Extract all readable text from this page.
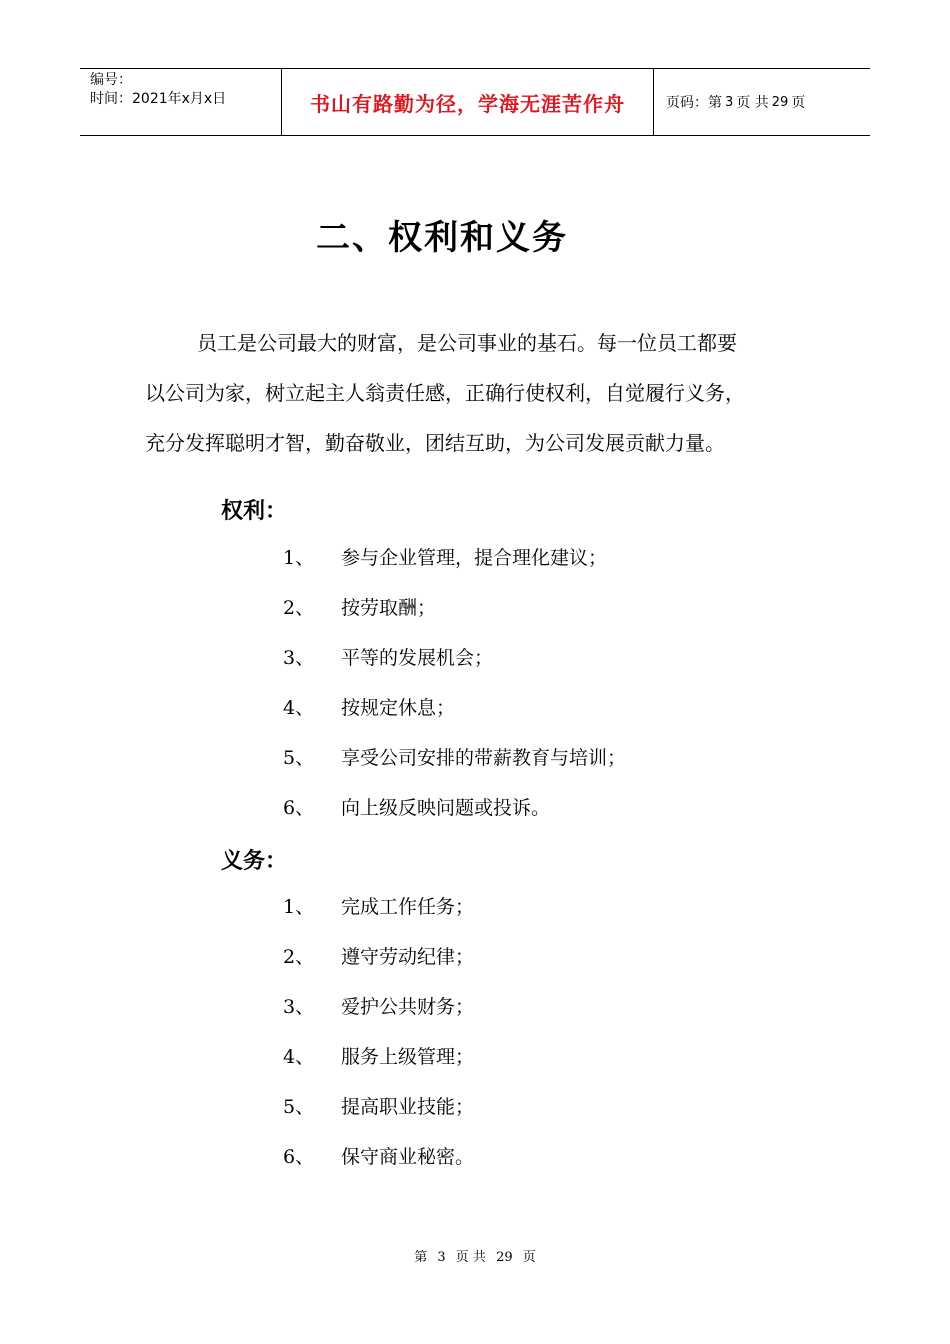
编号：
时间：2021年x月x日	书山有路勤为径，学海无涯苦作舟	页码：第 3 页 共 29 页
二、权利和义务

员工是公司最大的财富，是公司事业的基石。每一位员工都要

以公司为家，树立起主人翁责任感，正确行使权利，自觉履行义务，

充分发挥聪明才智，勤奋敬业，团结互助，为公司发展贡献力量。

权利：
1、	参与企业管理，提合理化建议；
2、	按劳取酬；
3、	平等的发展机会；
4、	按规定休息；
5、	享受公司安排的带薪教育与培训；
6、	向上级反映问题或投诉。
义务：
1、	完成工作任务；
2、	遵守劳动纪律；
3、	爱护公共财务；
4、	服务上级管理；
5、	提高职业技能；
6、	保守商业秘密。
第 3 页 共 29 页
